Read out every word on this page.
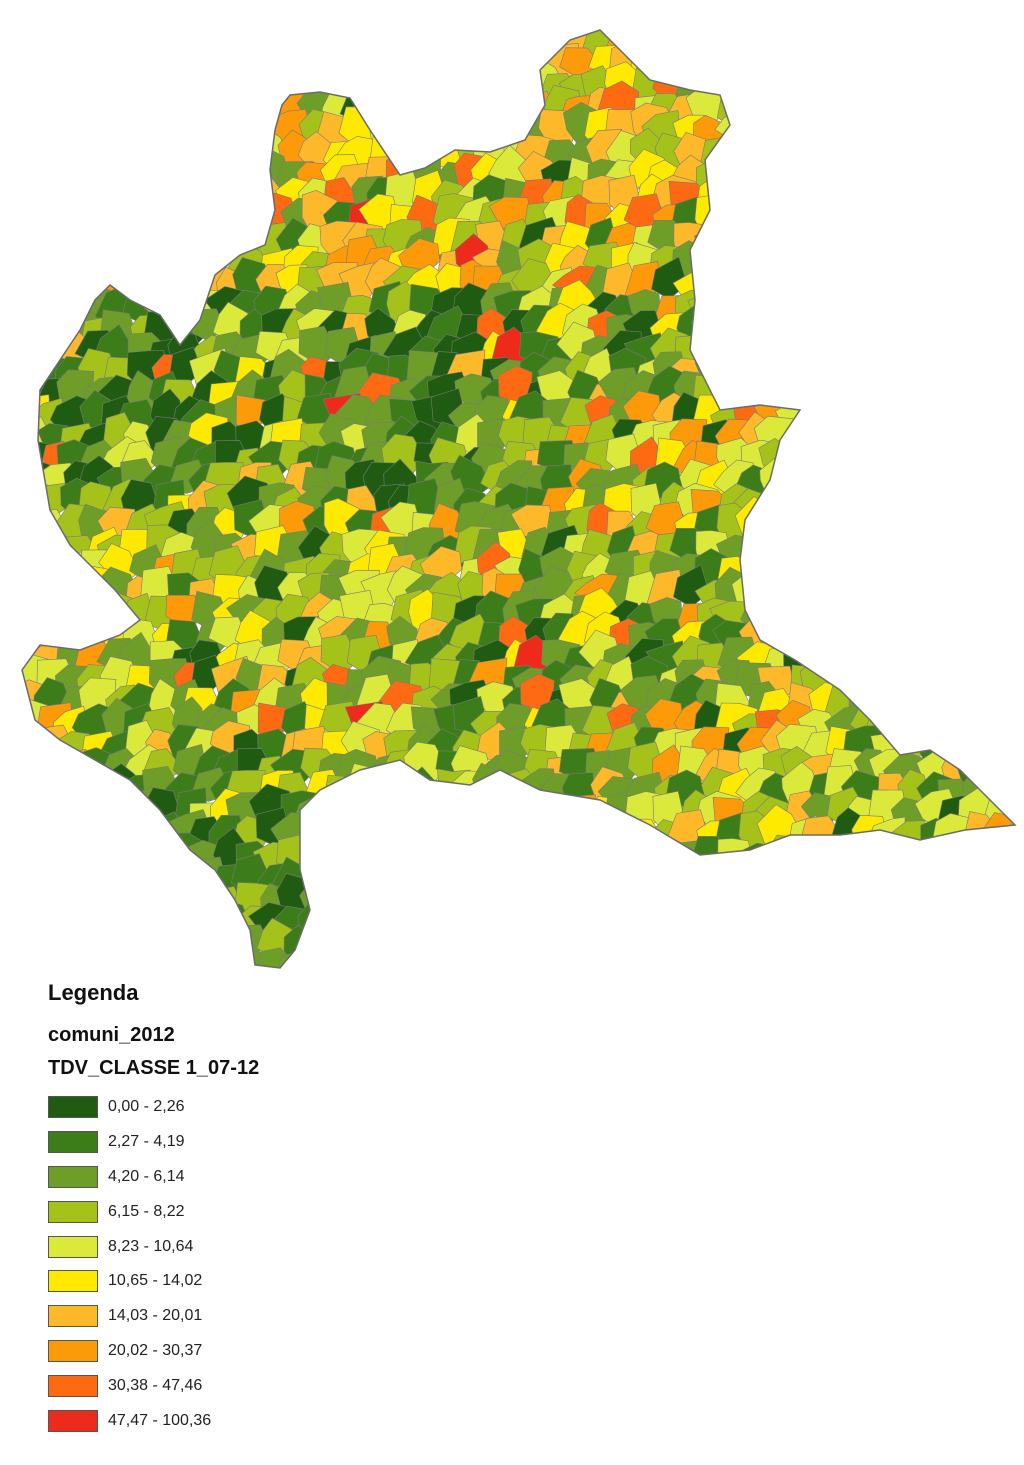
Legenda
comuni_2012
TDV_CLASSE 1_07-12
0,00 - 2,26
2,27 - 4,19
4,20 - 6,14
6,15 - 8,22
8,23 - 10,64
10,65 - 14,02
14,03 - 20,01
20,02 - 30,37
30,38 - 47,46
47,47 - 100,36
